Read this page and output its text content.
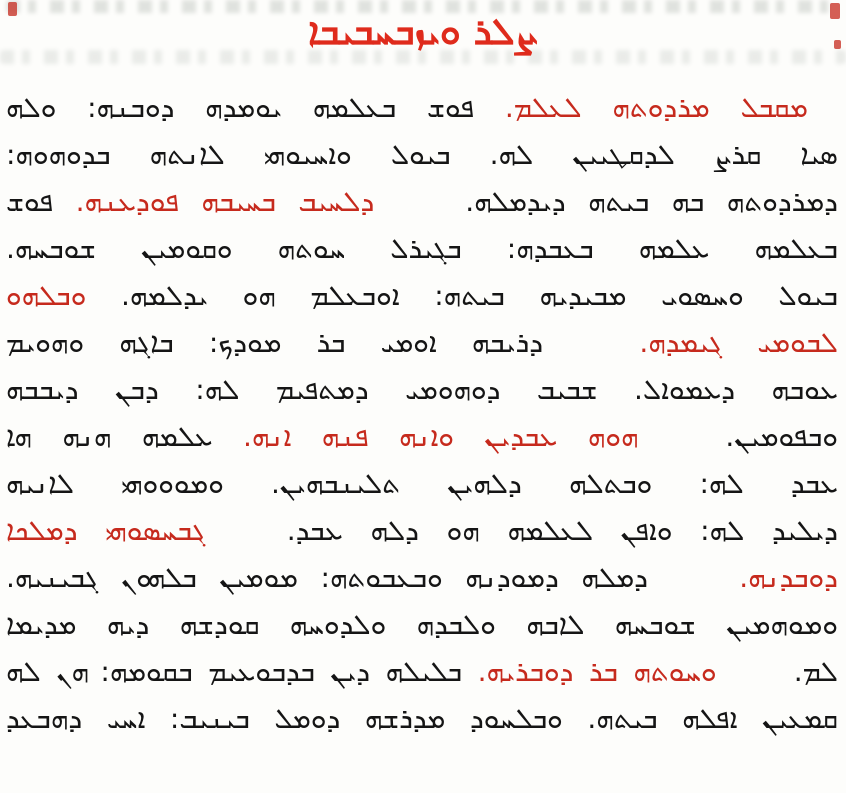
ܨܠܪ ܘܝܙܒܚܒܝܒܐ
ܡܩܒܠ ܡܪܕܘܬܗ ܠܥܠܡ. ܦܘܫ ܒܥܠܡܗ ܝܘܡܕܗ ܕܘܒܢܗ: ܘܠܗ
ܣܝܐ ܩܪܨ ܠܕܩܛܝܝܢ ܠܗ. ܒܝܘܠ ܘܐܚܝܘܗܝ ܠܐܢܬܗ ܒܕܘܗܘܗ:
ܕܡܪܕܘܬܗ ܒܗ ܒܝܬܗ ܕܝܕܡܠܗ.  ܕܠܚܝܒ ܒܚܝܒܗ ܦܘܕܥܢܗ. ܦܘܫ
ܒܥܠܡܗ ܥܠܡܗ ܒܥܒܕܗ: ܒܓܝܪܠ ܚܘܬܗ ܘܩܘܡܝܢ ܫܘܒܚܗ.
ܒܝܘܠ ܘܚܣܘܝ ܡܒܝܕܝܗ ܒܝܬܗ: ܐܘܒܥܠܡ ܗܘ ܝܕܠܡܗ. ܘܒܠܗܘ
ܠܒܘܡܝ ܓܝܡܕܗ.  ܕܪܝܒܗ ܐܘܡܝ ܒܪ ܡܘܕܟ: ܒܐܓܗ ܘܗܘܝܡ
ܥܘܒܗ ܕܥܡܘܐܠ. ܫܒܝܒ ܕܘܗܘܡܝ ܕܡܬܦܝܡ ܠܗ: ܕܒܢ ܕܝܒܒܗ
ܘܒܦܘܡܝܢ.  ܗܘܗ ܥܒܕܝܢ ܘܐܢܗ ܦܢܗ ܐܢܗ. ܥܠܡܗ ܗܢܗ ܗܐ
ܥܒܕ ܠܗ: ܘܒܬܠܗ ܕܠܗܝܢ ܬܠܝܢܒܗܝܢ. ܘܡܘܘܘܗܝ ܠܐܢܝܗ
ܕܝܠܝܕ ܠܗ: ܘܐܦܢ ܠܥܠܡܗ ܗܘ ܕܠܗ ܥܒܕ.  ܓܒܚܣܘܗܝ ܕܡܠܟܐ
ܕܘܒܕܢܗ.  ܕܡܠܗ ܕܡܘܕܢܗ ܘܒܥܒܘܬܗ: ܡܘܡܝܢ ܒܠܗܘܢ ܓܒܝܢܝܗ.
ܘܡܘܗܡܝܢ ܫܘܒܚܗ ܠܐܒܗ ܘܠܒܕܗ ܘܠܕܘܚܗ ܩܘܕܫܗ ܕܝܗ ܡܕܝܡܐ
ܠܡ.  ܘܚܘܬܗ ܒܪ ܕܘܒܪܝܗ. ܒܠܝܠܗ ܕܝܢ ܒܕܒܘܥܝܡ ܒܩܘܡܗ: ܗܢ ܠܗ
ܩܡܥܝܢ ܐܦܠܗ ܒܝܬܗ. ܘܒܠܚܘܕ ܡܕܪܫܗ ܕܘܡܠ ܒܝܢܝܒ: ܐܚܝ ܕܗܒܥܕ
